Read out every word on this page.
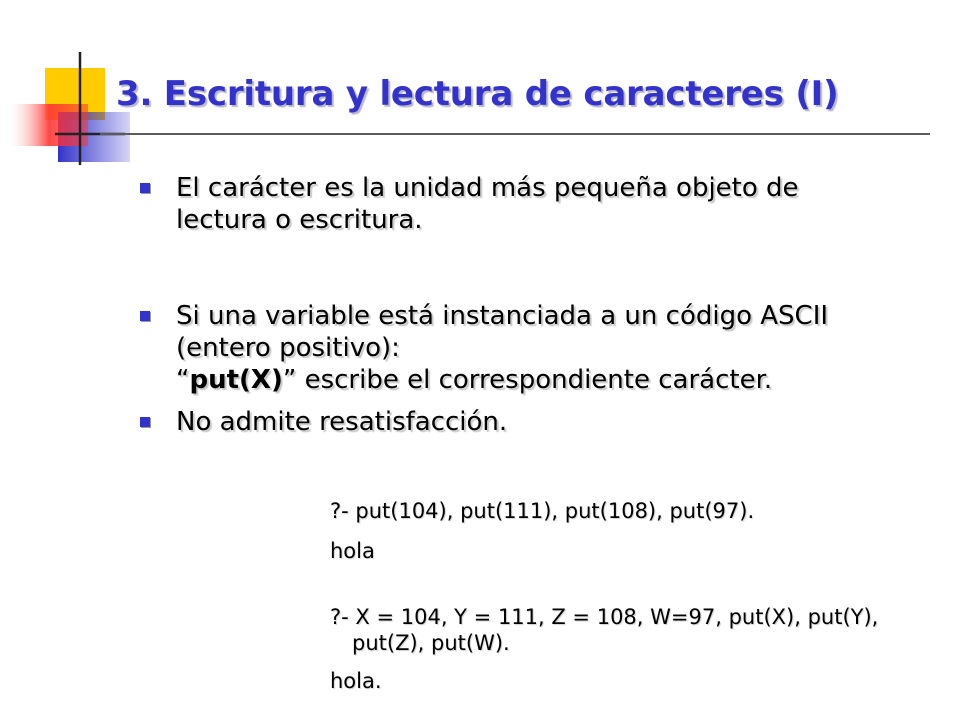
3. Escritura y lectura de caracteres (I)
El carácter es la unidad más pequeña objeto de
lectura o escritura.
Si una variable está instanciada a un código ASCII
(entero positivo):
“put(X)” escribe el correspondiente carácter.
No admite resatisfacción.
?- put(104), put(111), put(108), put(97).
hola
?- X = 104, Y = 111, Z = 108, W=97, put(X), put(Y),
put(Z), put(W).
hola.
